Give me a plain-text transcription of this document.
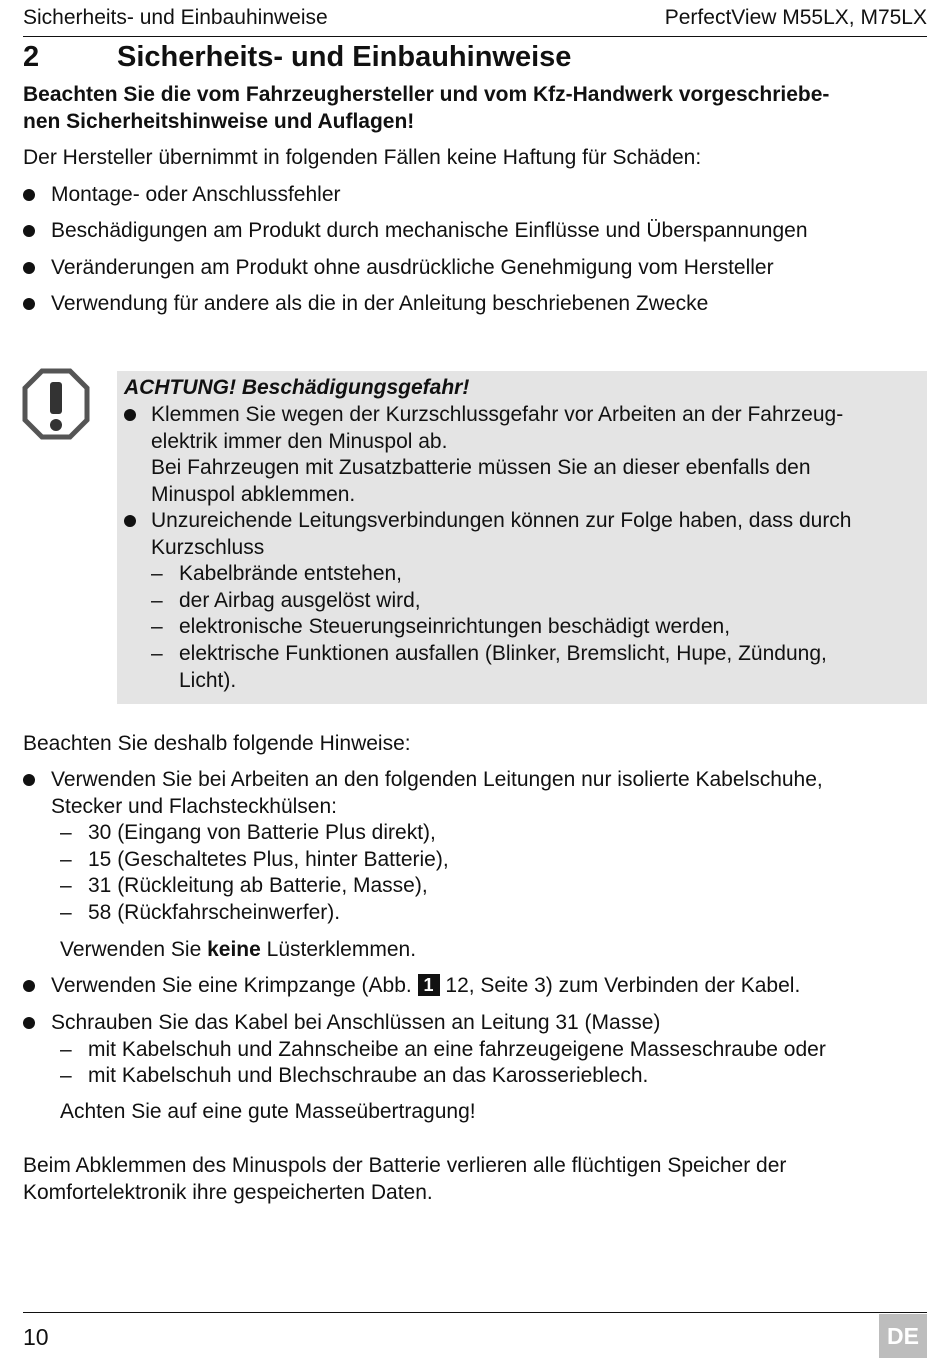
Sicherheits- und Einbauhinweise	PerfectView M55LX, M75LX
2	Sicherheits- und Einbauhinweise
Beachten Sie die vom Fahrzeughersteller und vom Kfz-Handwerk vorgeschriebe-
nen Sicherheitshinweise und Auflagen!
Der Hersteller übernimmt in folgenden Fällen keine Haftung für Schäden:
Montage- oder Anschlussfehler
Beschädigungen am Produkt durch mechanische Einflüsse und Überspannungen
Veränderungen am Produkt ohne ausdrückliche Genehmigung vom Hersteller
Verwendung für andere als die in der Anleitung beschriebenen Zwecke
ACHTUNG! Beschädigungsgefahr!
Klemmen Sie wegen der Kurzschlussgefahr vor Arbeiten an der Fahrzeug-
elektrik immer den Minuspol ab.
Bei Fahrzeugen mit Zusatzbatterie müssen Sie an dieser ebenfalls den
Minuspol abklemmen.
Unzureichende Leitungsverbindungen können zur Folge haben, dass durch
Kurzschluss
– Kabelbrände entstehen,
– der Airbag ausgelöst wird,
– elektronische Steuerungseinrichtungen beschädigt werden,
– elektrische Funktionen ausfallen (Blinker, Bremslicht, Hupe, Zündung,
Licht).
Beachten Sie deshalb folgende Hinweise:
Verwenden Sie bei Arbeiten an den folgenden Leitungen nur isolierte Kabelschuhe,
Stecker und Flachsteckhülsen:
– 30 (Eingang von Batterie Plus direkt),
– 15 (Geschaltetes Plus, hinter Batterie),
– 31 (Rückleitung ab Batterie, Masse),
– 58 (Rückfahrscheinwerfer).
Verwenden Sie keine Lüsterklemmen.
Verwenden Sie eine Krimpzange (Abb. 1 12, Seite 3) zum Verbinden der Kabel.
Schrauben Sie das Kabel bei Anschlüssen an Leitung 31 (Masse)
– mit Kabelschuh und Zahnscheibe an eine fahrzeugeigene Masseschraube oder
– mit Kabelschuh und Blechschraube an das Karosserieblech.
Achten Sie auf eine gute Masseübertragung!
Beim Abklemmen des Minuspols der Batterie verlieren alle flüchtigen Speicher der
Komfortelektronik ihre gespeicherten Daten.
10	DE
